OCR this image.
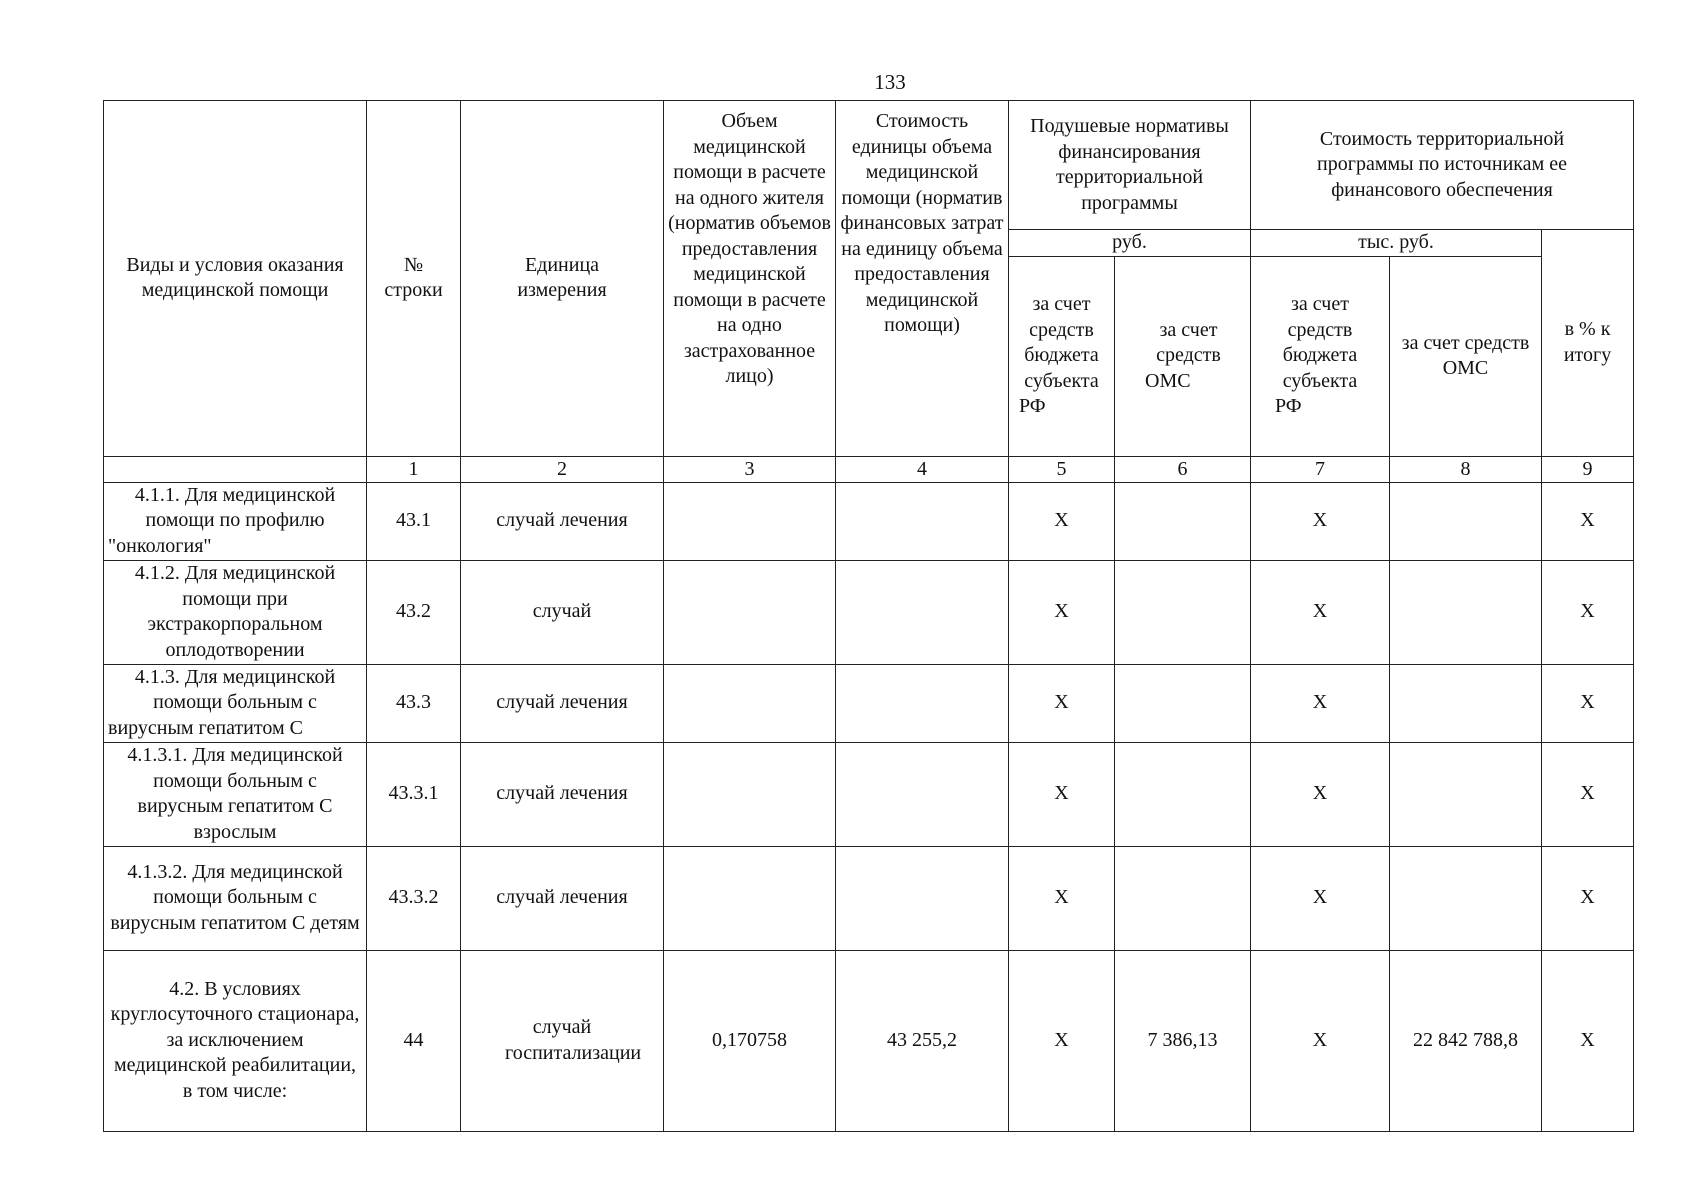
133
Виды и условия оказания медицинской помощи	№ строки	Единица измерения	Объем медицинской помощи в расчете на одного жителя (норматив объемов предоставления медицинской помощи в расчете на одно застрахованное лицо)	Стоимость единицы объема медицинской помощи (норматив финансовых затрат на единицу объема предоставления медицинской помощи)	Подушевые нормативы финансирования территориальной программы		Стоимость территориальной программы по источникам ее финансового обеспечения		
					руб.		тыс. руб.		в % к итогу
					за счет средств бюджета субъекта РФ	за счет средств ОМС	за счет средств бюджета субъекта РФ	за счет средств ОМС	
	1	2	3	4	5	6	7	8	9
4.1.1. Для медицинской помощи по профилю "онкология"	43.1	случай лечения			Х		Х		Х
4.1.2. Для медицинской помощи при экстракорпоральном оплодотворении	43.2	случай			Х		Х		Х
4.1.3. Для медицинской помощи больным с вирусным гепатитом С	43.3	случай лечения			Х		Х		Х
4.1.3.1. Для медицинской помощи больным с вирусным гепатитом С взрослым	43.3.1	случай лечения			Х		Х		Х
4.1.3.2. Для медицинской помощи больным с вирусным гепатитом С детям	43.3.2	случай лечения			Х		Х		Х
4.2. В условиях круглосуточного стационара, за исключением медицинской реабилитации, в том числе:	44	случай госпитализации	0,170758	43 255,2	Х	7 386,13	Х	22 842 788,8	Х
